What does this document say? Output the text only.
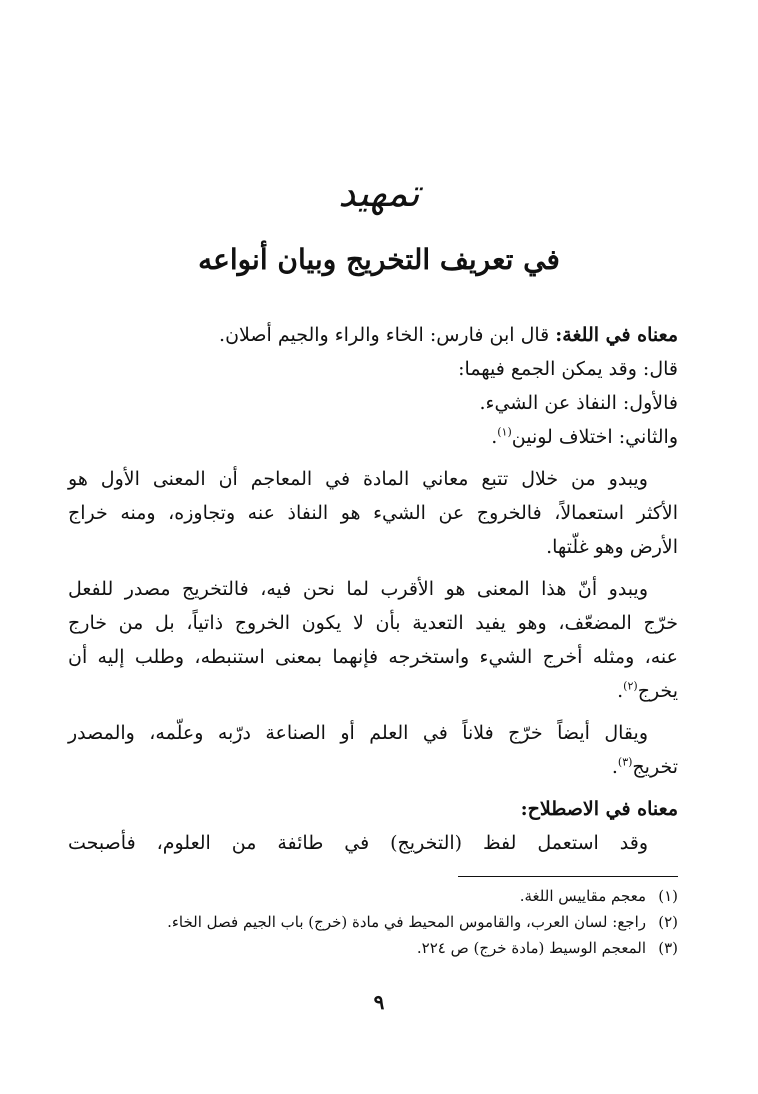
تمهيد
في تعريف التخريج وبيان أنواعه
معناه في اللغة: قال ابن فارس: الخاء والراء والجيم أصلان.
قال: وقد يمكن الجمع فيهما:
فالأول: النفاذ عن الشيء.
والثاني: اختلاف لونين$^{(١)}$.
ويبدو من خلال تتبع معاني المادة في المعاجم أن المعنى الأول هو
الأكثر استعمالاً، فالخروج عن الشيء هو النفاذ عنه وتجاوزه، ومنه خراج
الأرض وهو غلّتها.
ويبدو أنّ هذا المعنى هو الأقرب لما نحن فيه، فالتخريج مصدر للفعل
خرّج المضعّف، وهو يفيد التعدية بأن لا يكون الخروج ذاتياً، بل من خارج
عنه، ومثله أخرج الشيء واستخرجه فإنهما بمعنى استنبطه، وطلب إليه أن
يخرج$^{(٢)}$.
ويقال أيضاً خرّج فلاناً في العلم أو الصناعة درّبه وعلّمه، والمصدر
تخريج$^{(٣)}$.
معناه في الاصطلاح:
وقد استعمل لفظ (التخريج) في طائفة من العلوم، فأصبحت
(١)معجم مقاييس اللغة.
(٢)راجع: لسان العرب، والقاموس المحيط في مادة (خرج) باب الجيم فصل الخاء.
(٣)المعجم الوسيط (مادة خرج) ص ٢٢٤.
٩
